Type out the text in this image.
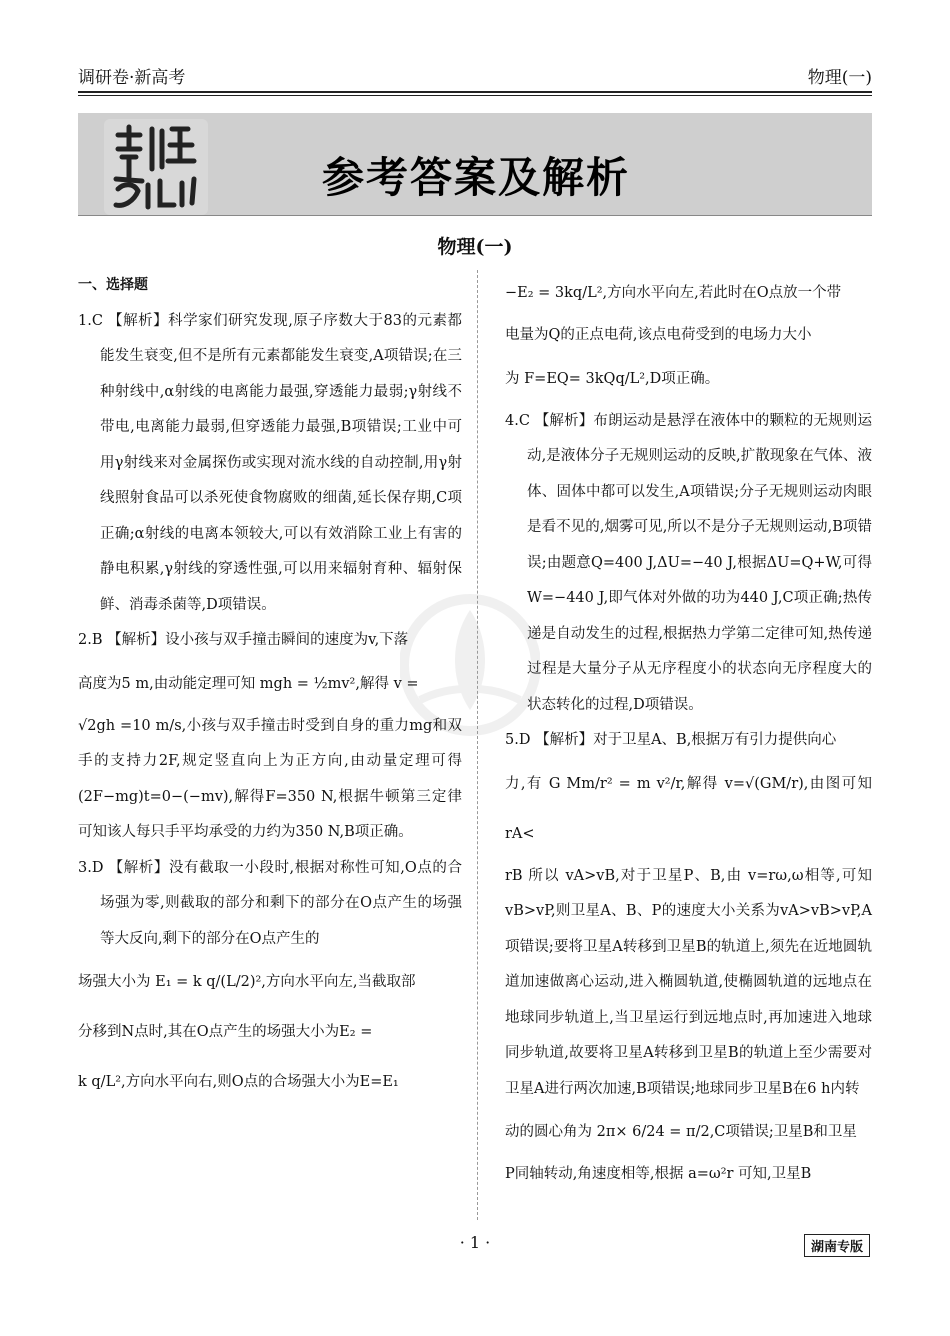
调研卷·新高考	物理(一)
参考答案及解析
物理(一)
一、选择题

1.C 【解析】科学家们研究发现,原子序数大于83的元素都能发生衰变,但不是所有元素都能发生衰变,A项错误;在三种射线中,α射线的电离能力最强,穿透能力最弱;γ射线不带电,电离能力最弱,但穿透能力最强,B项错误;工业中可用γ射线来对金属探伤或实现对流水线的自动控制,用γ射线照射食品可以杀死使食物腐败的细菌,延长保存期,C项正确;α射线的电离本领较大,可以有效消除工业上有害的静电积累,γ射线的穿透性强,可以用来辐射育种、辐射保鲜、消毒杀菌等,D项错误。

2.B 【解析】设小孩与双手撞击瞬间的速度为v,下落

高度为5 m,由动能定理可知 mgh = ½mv²,解得 v =

√2gh =10 m/s,小孩与双手撞击时受到自身的重力mg和双手的支持力2F,规定竖直向上为正方向,由动量定理可得(2F−mg)t=0−(−mv),解得F=350 N,根据牛顿第三定律可知该人每只手平均承受的力约为350 N,B项正确。

3.D 【解析】没有截取一小段时,根据对称性可知,O点的合场强为零,则截取的部分和剩下的部分在O点产生的场强等大反向,剩下的部分在O点产生的

场强大小为 E₁ = k q/(L/2)²,方向水平向左,当截取部

分移到N点时,其在O点产生的场强大小为E₂ =

k q/L²,方向水平向右,则O点的合场强大小为E=E₁

−E₂ = 3kq/L²,方向水平向左,若此时在O点放一个带

电量为Q的正点电荷,该点电荷受到的电场力大小

为 F=EQ= 3kQq/L²,D项正确。

4.C 【解析】布朗运动是悬浮在液体中的颗粒的无规则运动,是液体分子无规则运动的反映,扩散现象在气体、液体、固体中都可以发生,A项错误;分子无规则运动肉眼是看不见的,烟雾可见,所以不是分子无规则运动,B项错误;由题意Q=400 J,ΔU=−40 J,根据ΔU=Q+W,可得W=−440 J,即气体对外做的功为440 J,C项正确;热传递是自动发生的过程,根据热力学第二定律可知,热传递过程是大量分子从无序程度小的状态向无序程度大的状态转化的过程,D项错误。

5.D 【解析】对于卫星A、B,根据万有引力提供向心

力,有 G Mm/r² = m v²/r,解得 v=√(GM/r),由图可知 rA<

rB 所以 vA>vB,对于卫星P、B,由 v=rω,ω相等,可知vB>vP,则卫星A、B、P的速度大小关系为vA>vB>vP,A项错误;要将卫星A转移到卫星B的轨道上,须先在近地圆轨道加速做离心运动,进入椭圆轨道,使椭圆轨道的远地点在地球同步轨道上,当卫星运行到远地点时,再加速进入地球同步轨道,故要将卫星A转移到卫星B的轨道上至少需要对卫星A进行两次加速,B项错误;地球同步卫星B在6 h内转

动的圆心角为 2π× 6/24 = π/2,C项错误;卫星B和卫星

P同轴转动,角速度相等,根据 a=ω²r 可知,卫星B

· 1 ·	湖南专版
